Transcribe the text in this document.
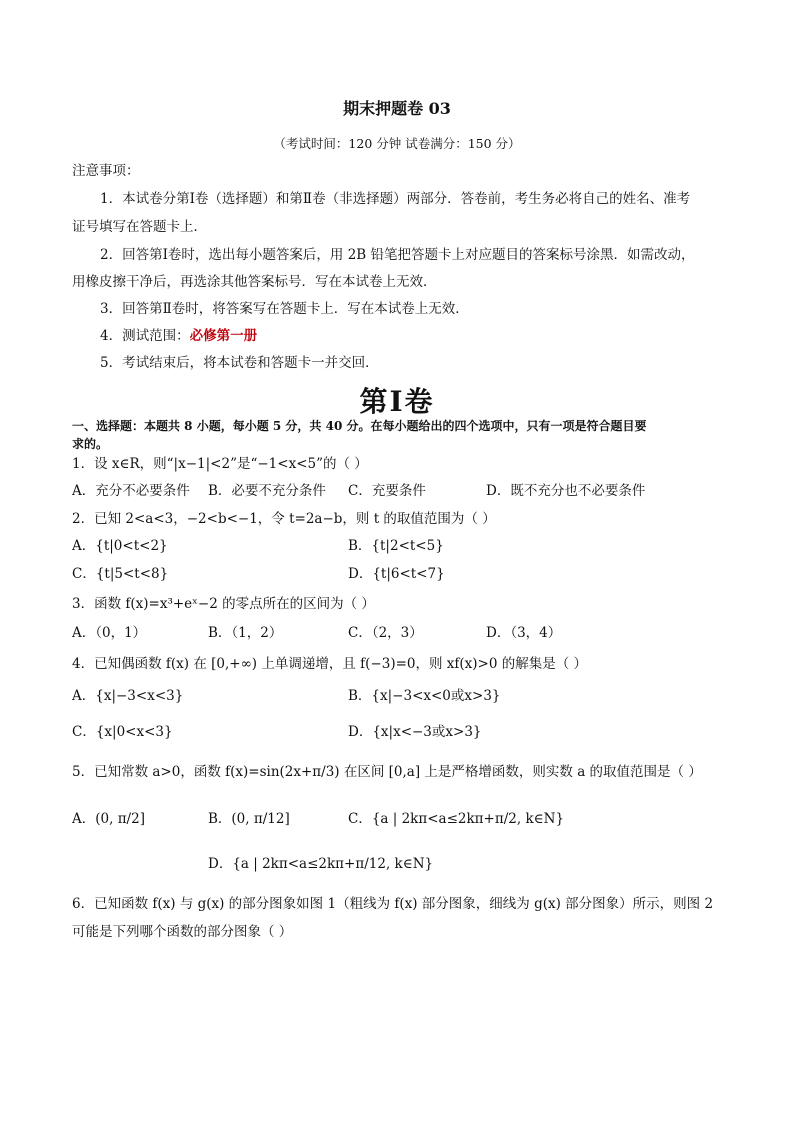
期末押题卷 03
（考试时间：120 分钟 试卷满分：150 分）
注意事项：
1．本试卷分第Ⅰ卷（选择题）和第Ⅱ卷（非选择题）两部分．答卷前，考生务必将自己的姓名、准考
证号填写在答题卡上．
2．回答第Ⅰ卷时，选出每小题答案后，用 2B 铅笔把答题卡上对应题目的答案标号涂黑．如需改动，
用橡皮擦干净后，再选涂其他答案标号．写在本试卷上无效．
3．回答第Ⅱ卷时，将答案写在答题卡上．写在本试卷上无效．
4．测试范围：必修第一册
5．考试结束后，将本试卷和答题卡一并交回．
第Ⅰ卷
一、选择题：本题共 8 小题，每小题 5 分，共 40 分。在每小题给出的四个选项中，只有一项是符合题目要
求的。
1．设 x∈R，则“|x−1|<2”是“−1<x<5”的（ ）
A．充分不必要条件 B．必要不充分条件 C．充要条件	D．既不充分也不必要条件
2．已知 2<a<3，−2<b<−1，令 t=2a−b，则 t 的取值范围为（ ）
A．{t|0<t<2}	B．{t|2<t<5}
C．{t|5<t<8}	D．{t|6<t<7}
3．函数 f(x)=x³+eˣ−2 的零点所在的区间为（ ）
A．（0，1）	B．（1，2）	C．（2，3）	D．（3，4）
4．已知偶函数 f(x) 在 [0,+∞) 上单调递增，且 f(−3)=0，则 xf(x)>0 的解集是（ ）
A．{x|−3<x<3}	B．{x|−3<x<0或x>3}
C．{x|0<x<3}	D．{x|x<−3或x>3}
5．已知常数 a>0，函数 f(x)=sin(2x+π/3) 在区间 [0,a] 上是严格增函数，则实数 a 的取值范围是（ ）
A．(0, π/2]	B．(0, π/12]	C．{a | 2kπ<a≤2kπ+π/2, k∈N}
D．{a | 2kπ<a≤2kπ+π/12, k∈N}
6．已知函数 f(x) 与 g(x) 的部分图象如图 1（粗线为 f(x) 部分图象，细线为 g(x) 部分图象）所示，则图 2
可能是下列哪个函数的部分图象（ ）
